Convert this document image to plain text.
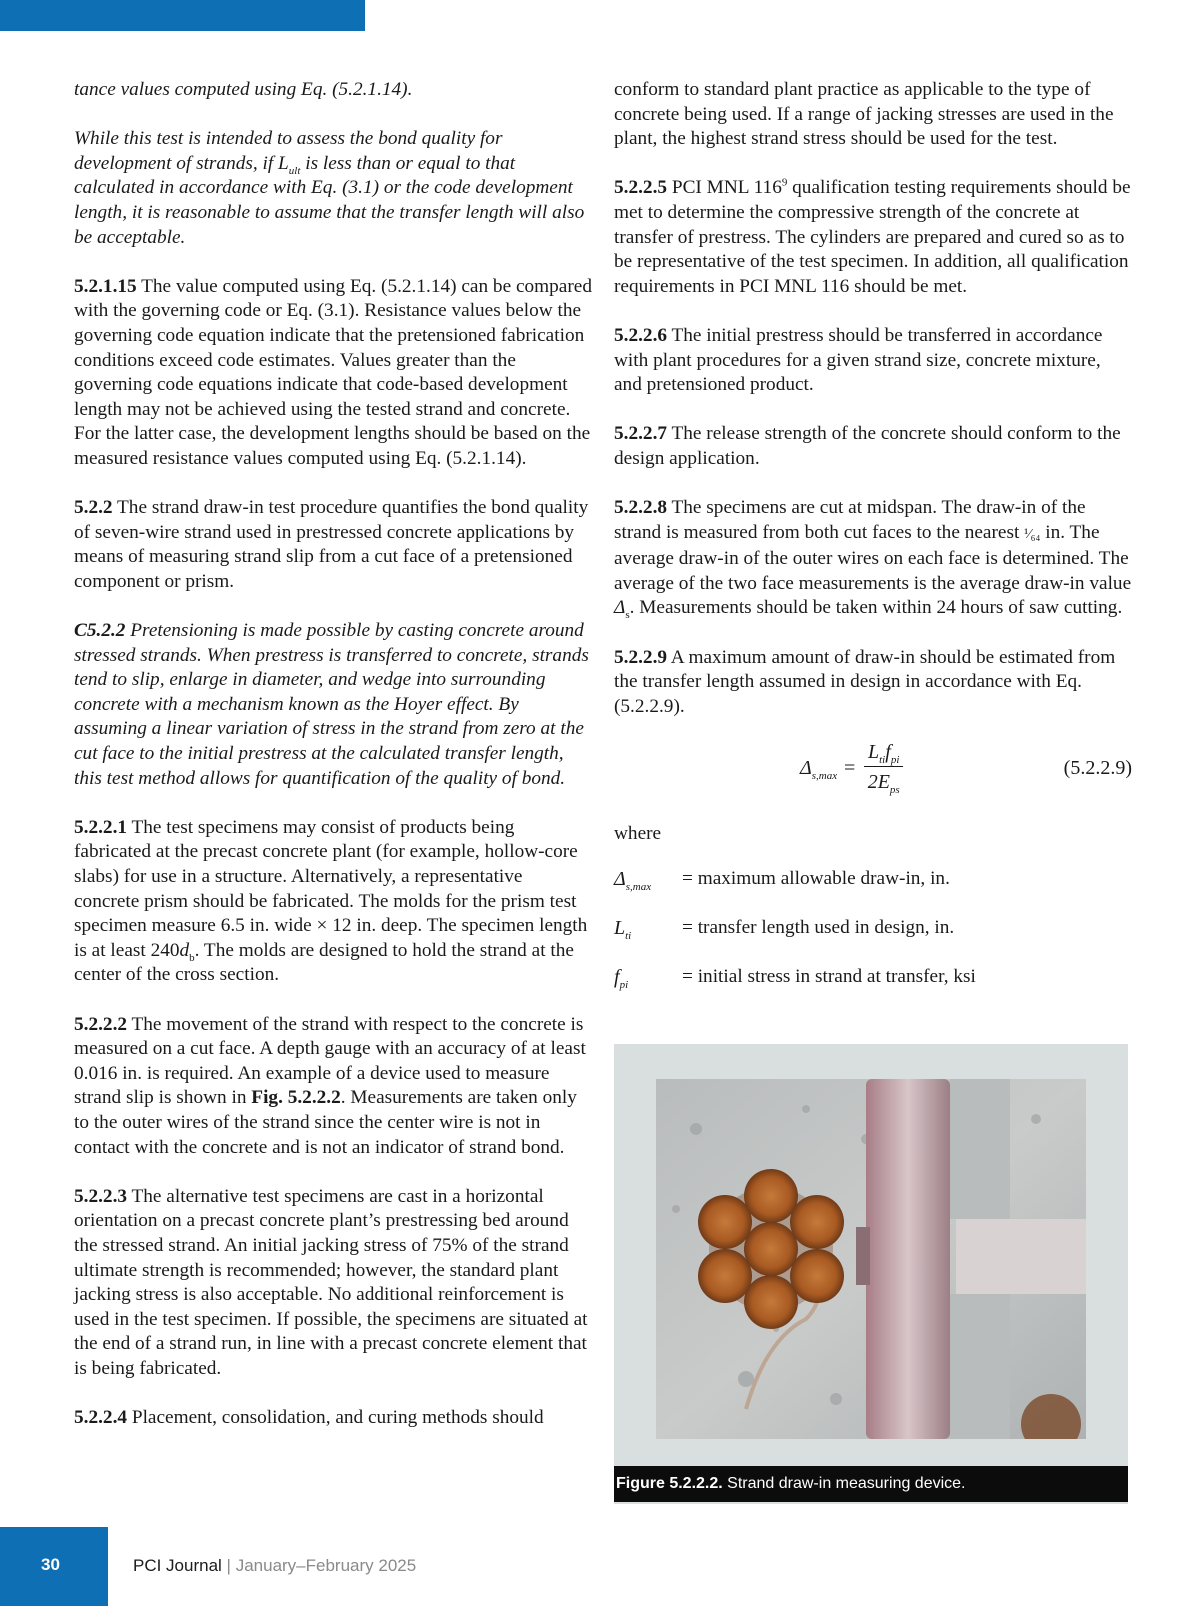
tance values computed using Eq. (5.2.1.14).

While this test is intended to assess the bond quality for development of strands, if $L_{ult}$ is less than or equal to that calculated in accordance with Eq. (3.1) or the code development length, it is reasonable to assume that the transfer length will also be acceptable.

5.2.1.15 The value computed using Eq. (5.2.1.14) can be compared with the governing code or Eq. (3.1). Resistance values below the governing code equation indicate that the pretensioned fabrication conditions exceed code estimates. Values greater than the governing code equations indicate that code-based development length may not be achieved using the tested strand and concrete. For the latter case, the development lengths should be based on the measured resistance values computed using Eq. (5.2.1.14).

5.2.2 The strand draw-in test procedure quantifies the bond quality of seven-wire strand used in prestressed concrete applications by means of measuring strand slip from a cut face of a pretensioned component or prism.

C5.2.2 Pretensioning is made possible by casting concrete around stressed strands. When prestress is transferred to concrete, strands tend to slip, enlarge in diameter, and wedge into surrounding concrete with a mechanism known as the Hoyer effect. By assuming a linear variation of stress in the strand from zero at the cut face to the initial prestress at the calculated transfer length, this test method allows for quantification of the quality of bond.

5.2.2.1 The test specimens may consist of products being fabricated at the precast concrete plant (for example, hollow-core slabs) for use in a structure. Alternatively, a representative concrete prism should be fabricated. The molds for the prism test specimen measure 6.5 in. wide × 12 in. deep. The specimen length is at least $240d_b$. The molds are designed to hold the strand at the center of the cross section.

5.2.2.2 The movement of the strand with respect to the concrete is measured on a cut face. A depth gauge with an accuracy of at least 0.016 in. is required. An example of a device used to measure strand slip is shown in Fig. 5.2.2.2. Measurements are taken only to the outer wires of the strand since the center wire is not in contact with the concrete and is not an indicator of strand bond.

5.2.2.3 The alternative test specimens are cast in a horizontal orientation on a precast concrete plant’s prestressing bed around the stressed strand. An initial jacking stress of 75% of the strand ultimate strength is recommended; however, the standard plant jacking stress is also acceptable. No additional reinforcement is used in the test specimen. If possible, the specimens are situated at the end of a strand run, in line with a precast concrete element that is being fabricated.

5.2.2.4 Placement, consolidation, and curing methods should

conform to standard plant practice as applicable to the type of concrete being used. If a range of jacking stresses are used in the plant, the highest strand stress should be used for the test.

5.2.2.5 PCI MNL $116^9$ qualification testing requirements should be met to determine the compressive strength of the concrete at transfer of prestress. The cylinders are prepared and cured so as to be representative of the test specimen. In addition, all qualification requirements in PCI MNL 116 should be met.

5.2.2.6 The initial prestress should be transferred in accordance with plant procedures for a given strand size, concrete mixture, and pretensioned product.

5.2.2.7 The release strength of the concrete should conform to the design application.

5.2.2.8 The specimens are cut at midspan. The draw-in of the strand is measured from both cut faces to the nearest ¹⁄₆₄ in. The average draw-in of the outer wires on each face is determined. The average of the two face measurements is the average draw-in value $\Delta_s$. Measurements should be taken within 24 hours of saw cutting.

5.2.2.9 A maximum amount of draw-in should be estimated from the transfer length assumed in design in accordance with Eq. (5.2.2.9).

$\Delta_{s,max}$ =
$L_{ti}f_{pi}$
$2E_{ps}$
(5.2.2.9)
where
$\Delta_{s,max}$ = maximum allowable draw-in, in.
$L_{ti}$	= transfer length used in design, in.
$f_{pi}$	= initial stress in strand at transfer, ksi
Figure 5.2.2.2. Strand draw-in measuring device.
30	PCI Journal | January–February 2025
